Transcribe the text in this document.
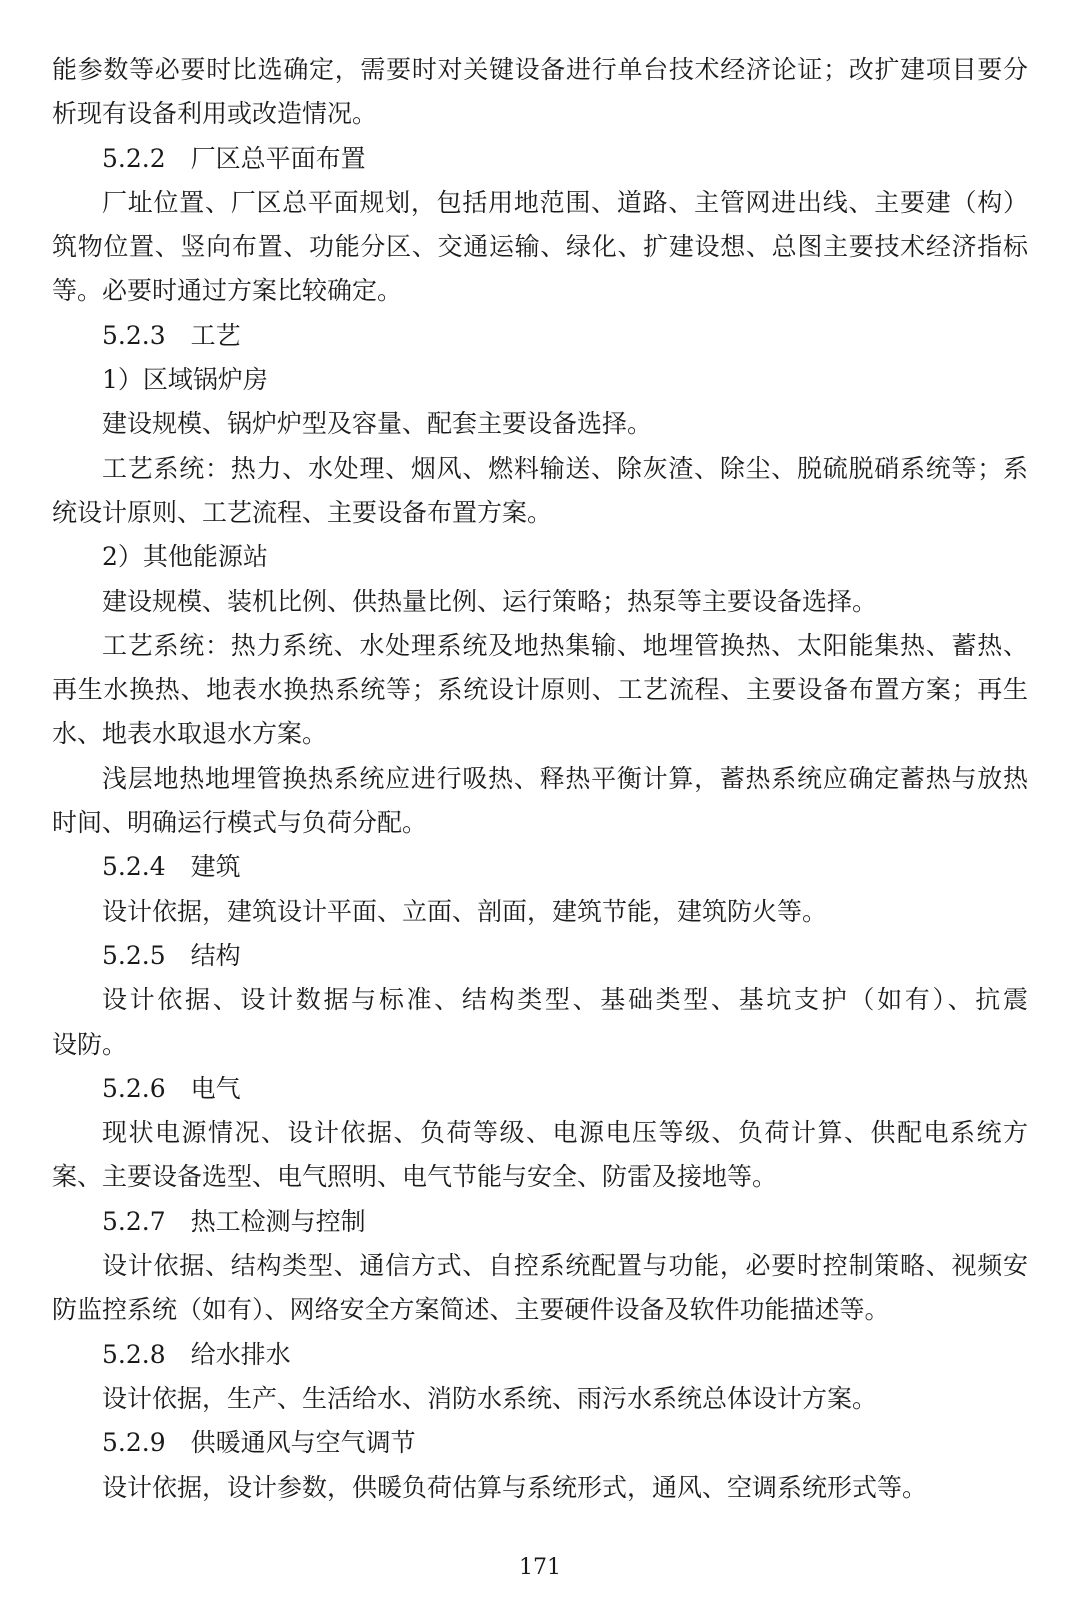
能参数等必要时比选确定，需要时对关键设备进行单台技术经济论证；改扩建项目要分
析现有设备利用或改造情况。
5.2.2　厂区总平面布置
厂址位置、厂区总平面规划，包括用地范围、道路、主管网进出线、主要建（构）
筑物位置、竖向布置、功能分区、交通运输、绿化、扩建设想、总图主要技术经济指标
等。必要时通过方案比较确定。
5.2.3　工艺
1）区域锅炉房
建设规模、锅炉炉型及容量、配套主要设备选择。
工艺系统：热力、水处理、烟风、燃料输送、除灰渣、除尘、脱硫脱硝系统等；系
统设计原则、工艺流程、主要设备布置方案。
2）其他能源站
建设规模、装机比例、供热量比例、运行策略；热泵等主要设备选择。
工艺系统：热力系统、水处理系统及地热集输、地埋管换热、太阳能集热、蓄热、
再生水换热、地表水换热系统等；系统设计原则、工艺流程、主要设备布置方案；再生
水、地表水取退水方案。
浅层地热地埋管换热系统应进行吸热、释热平衡计算，蓄热系统应确定蓄热与放热
时间、明确运行模式与负荷分配。
5.2.4　建筑
设计依据，建筑设计平面、立面、剖面，建筑节能，建筑防火等。
5.2.5　结构
设计依据、设计数据与标准、结构类型、基础类型、基坑支护（如有）、抗震
设防。
5.2.6　电气
现状电源情况、设计依据、负荷等级、电源电压等级、负荷计算、供配电系统方
案、主要设备选型、电气照明、电气节能与安全、防雷及接地等。
5.2.7　热工检测与控制
设计依据、结构类型、通信方式、自控系统配置与功能，必要时控制策略、视频安
防监控系统（如有）、网络安全方案简述、主要硬件设备及软件功能描述等。
5.2.8　给水排水
设计依据，生产、生活给水、消防水系统、雨污水系统总体设计方案。
5.2.9　供暖通风与空气调节
设计依据，设计参数，供暖负荷估算与系统形式，通风、空调系统形式等。
171
